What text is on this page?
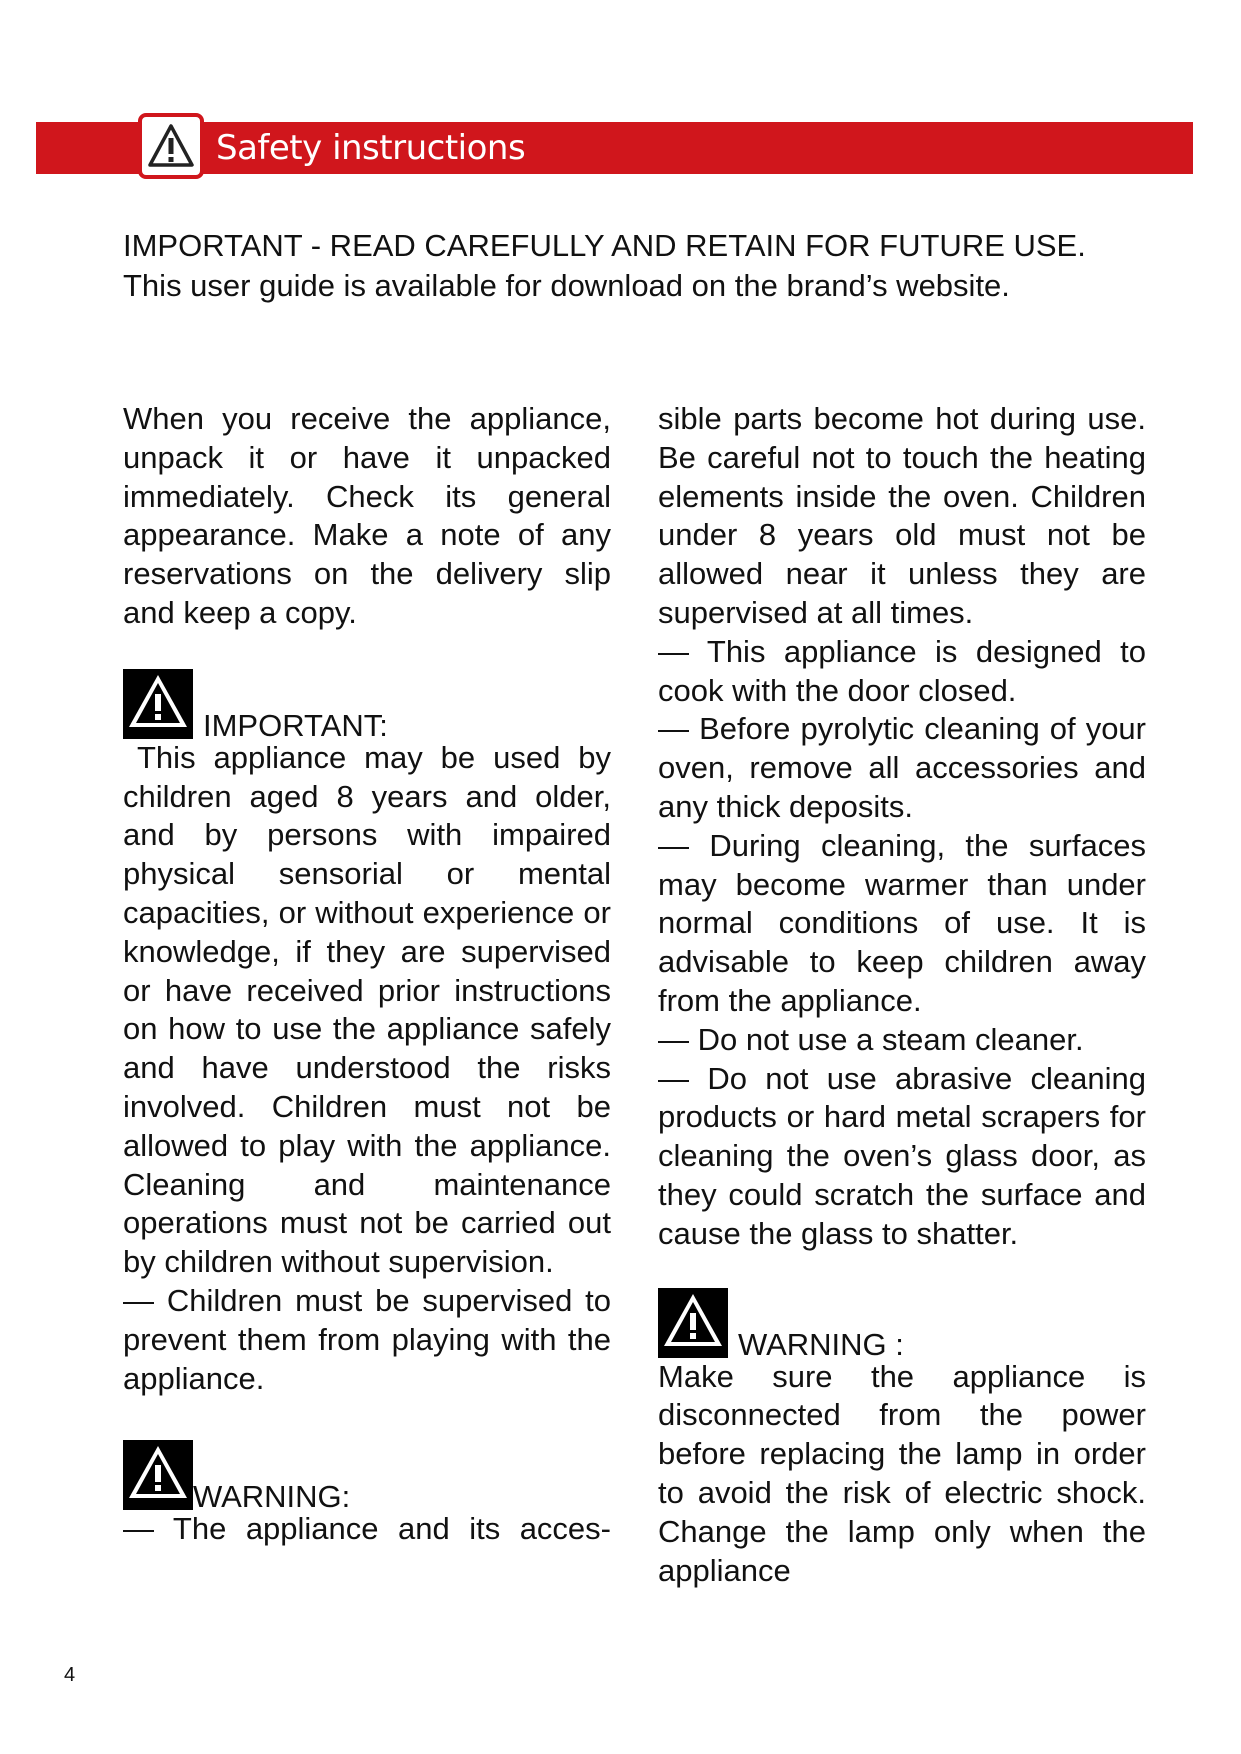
Safety instructions
IMPORTANT - READ CAREFULLY AND RETAIN FOR FUTURE USE.
This user guide is available for download on the brand’s website.

When you receive the appliance, unpack it or have it unpacked immediately. Check its general appearance. Make a note of any reservations on the delivery slip and keep a copy.

IMPORTANT:

This appliance may be used by children aged 8 years and older, and by persons with impaired physical sensorial or mental capacities, or without experience or knowledge, if they are supervised or have received prior instructions on how to use the appliance safely and have understood the risks involved. Children must not be allowed to play with the appliance. Cleaning and maintenance operations must not be carried out by children without supervision.

— Children must be supervised to prevent them from playing with the appliance.

WARNING:

— The appliance and its acces-

sible parts become hot during use. Be careful not to touch the heating elements inside the oven. Children under 8 years old must not be allowed near it unless they are supervised at all times.

— This appliance is designed to cook with the door closed.

— Before pyrolytic cleaning of your oven, remove all accessories and any thick deposits.

— During cleaning, the surfaces may become warmer than under normal conditions of use. It is advisable to keep children away from the appliance.

— Do not use a steam cleaner.

— Do not use abrasive cleaning products or hard metal scrapers for cleaning the oven’s glass door, as they could scratch the surface and cause the glass to shatter.

WARNING :

Make sure the appliance is disconnected from the power before replacing the lamp in order to avoid the risk of electric shock. Change the lamp only when the appliance

4
